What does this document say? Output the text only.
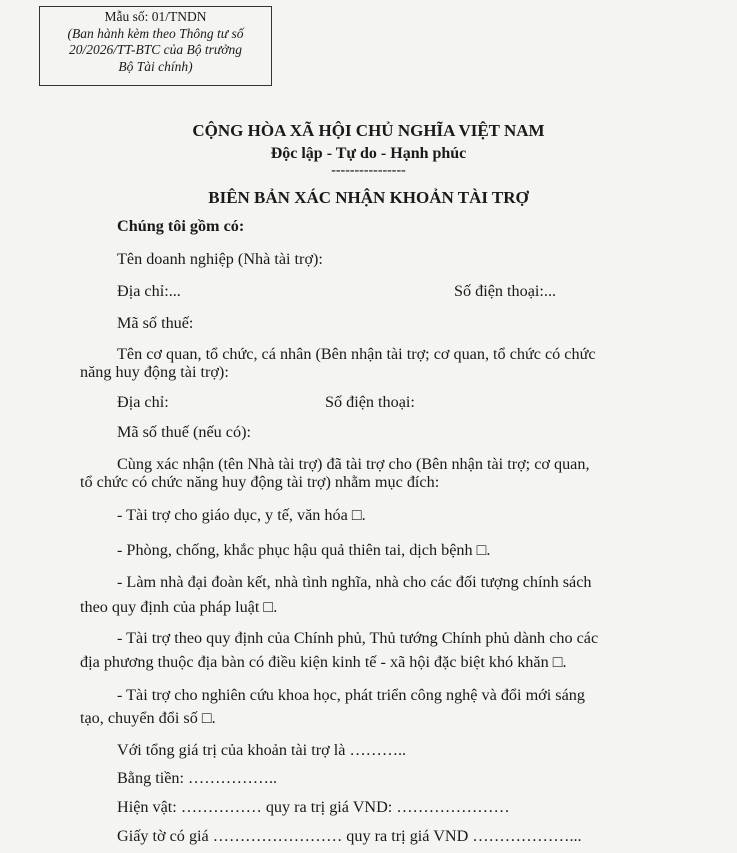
Mẫu số: 01/TNDN
(Ban hành kèm theo Thông tư số
20/2026/TT-BTC của Bộ trưởng
Bộ Tài chính)
CỘNG HÒA XÃ HỘI CHỦ NGHĨA VIỆT NAM
Độc lập - Tự do - Hạnh phúc
----------------
BIÊN BẢN XÁC NHẬN KHOẢN TÀI TRỢ
Chúng tôi gồm có:
Tên doanh nghiệp (Nhà tài trợ):
Địa chỉ:...	Số điện thoại:...
Mã số thuế:
Tên cơ quan, tổ chức, cá nhân (Bên nhận tài trợ; cơ quan, tổ chức có chức
năng huy động tài trợ):
Địa chỉ:	Số điện thoại:
Mã số thuế (nếu có):
Cùng xác nhận (tên Nhà tài trợ) đã tài trợ cho (Bên nhận tài trợ; cơ quan,
tổ chức có chức năng huy động tài trợ) nhằm mục đích:
- Tài trợ cho giáo dục, y tế, văn hóa □.
- Phòng, chống, khắc phục hậu quả thiên tai, dịch bệnh □.
- Làm nhà đại đoàn kết, nhà tình nghĩa, nhà cho các đối tượng chính sách
theo quy định của pháp luật □.
- Tài trợ theo quy định của Chính phủ, Thủ tướng Chính phủ dành cho các
địa phương thuộc địa bàn có điều kiện kinh tế - xã hội đặc biệt khó khăn □.
- Tài trợ cho nghiên cứu khoa học, phát triển công nghệ và đổi mới sáng
tạo, chuyển đổi số □.
Với tổng giá trị của khoản tài trợ là ………..
Bằng tiền: ……………..
Hiện vật: …………… quy ra trị giá VND: …………………
Giấy tờ có giá …………………… quy ra trị giá VND ………………...
